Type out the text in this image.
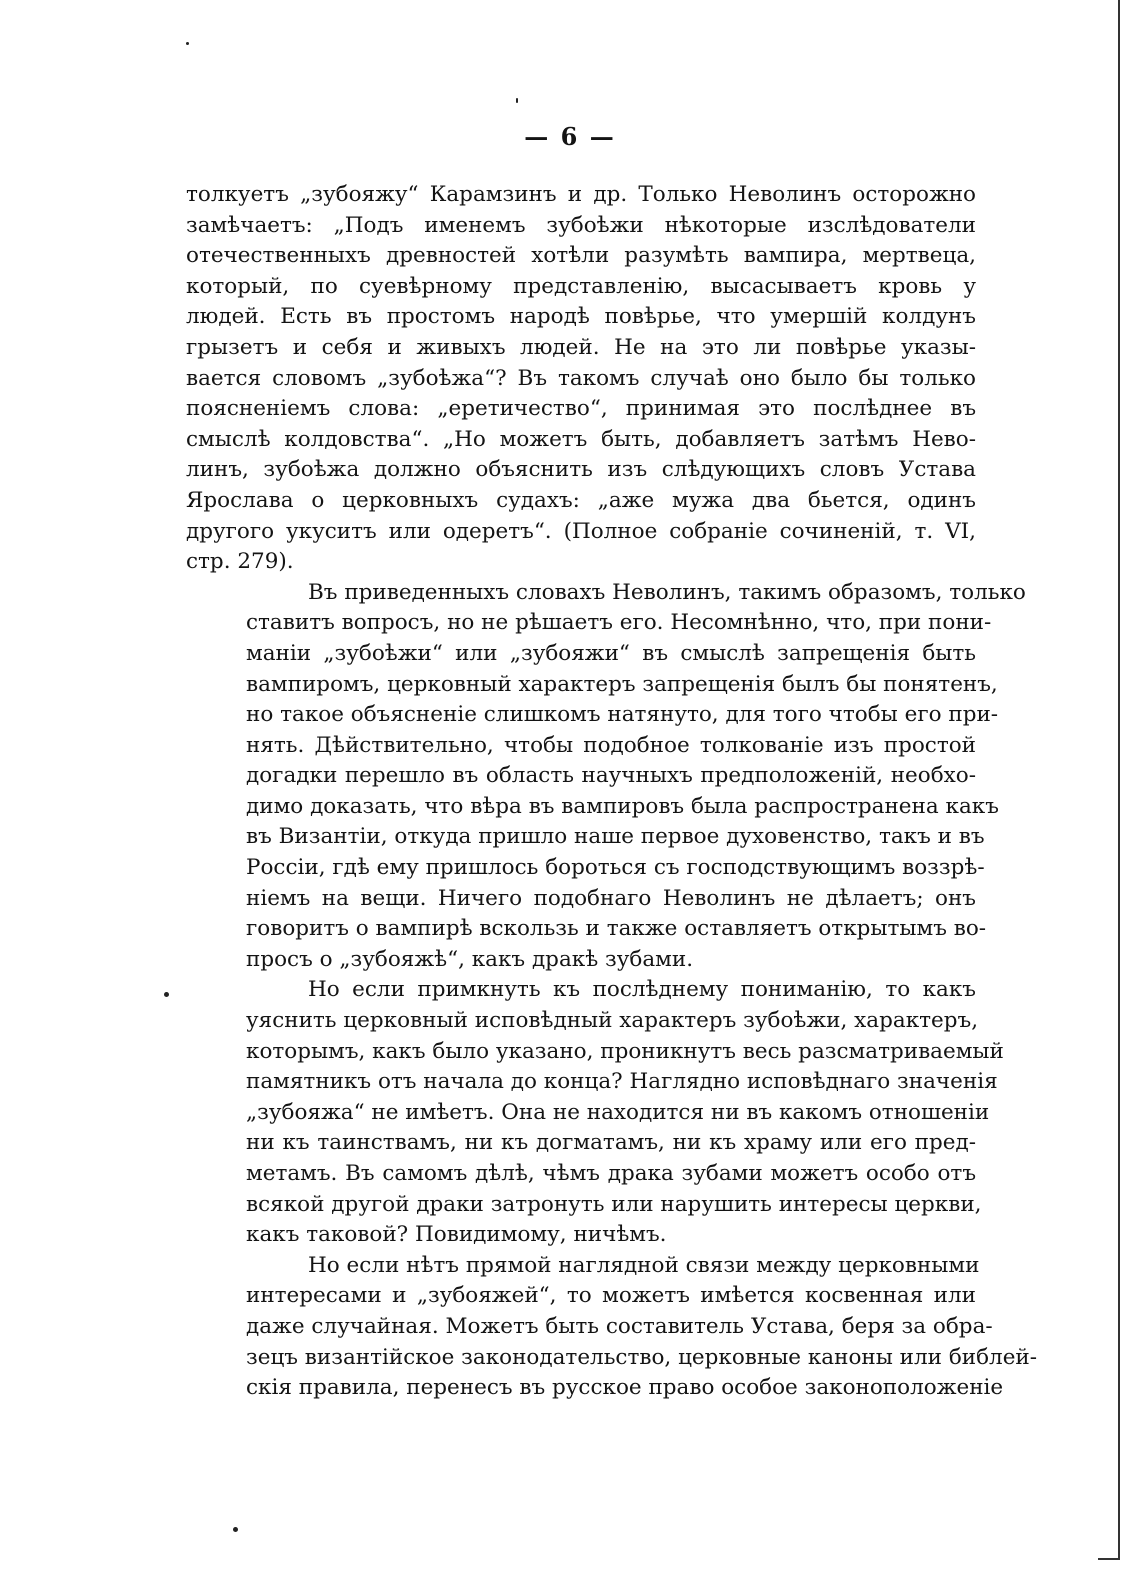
— 6 —

толкуетъ „зубояжу“ Карамзинъ и др. Только Неволинъ осторожно
замѣчаетъ: „Подъ именемъ зубоѣжи нѣкоторые изслѣдователи
отечественныхъ древностей хотѣли разумѣть вампира, мертвеца,
который, по суевѣрному представленію, высасываетъ кровь у
людей. Есть въ простомъ народѣ повѣрье, что умершій колдунъ
грызетъ и себя и живыхъ людей. Не на это ли повѣрье указы-
вается словомъ „зубоѣжа“? Въ такомъ случаѣ оно было бы только
поясненіемъ слова: „еретичество“, принимая это послѣднее въ
смыслѣ колдовства“. „Но можетъ быть, добавляетъ затѣмъ Нево-
линъ, зубоѣжа должно объяснить изъ слѣдующихъ словъ Устава
Ярослава о церковныхъ судахъ: „аже мужа два бьется, одинъ
другого укуситъ или одеретъ“. (Полное собраніе сочиненій, т. VI,
стр. 279).

Въ приведенныхъ словахъ Неволинъ, такимъ образомъ, только
ставитъ вопросъ, но не рѣшаетъ его. Несомнѣнно, что, при пони-
маніи „зубоѣжи“ или „зубояжи“ въ смыслѣ запрещенія быть
вампиромъ, церковный характеръ запрещенія былъ бы понятенъ,
но такое объясненіе слишкомъ натянуто, для того чтобы его при-
нять. Дѣйствительно, чтобы подобное толкованіе изъ простой
догадки перешло въ область научныхъ предположеній, необхо-
димо доказать, что вѣра въ вампировъ была распространена какъ
въ Византіи, откуда пришло наше первое духовенство, такъ и въ
Россіи, гдѣ ему пришлось бороться съ господствующимъ воззрѣ-
ніемъ на вещи. Ничего подобнаго Неволинъ не дѣлаетъ; онъ
говоритъ о вампирѣ вскользь и также оставляетъ открытымъ во-
просъ о „зубояжѣ“, какъ дракѣ зубами.

Но если примкнуть къ послѣднему пониманію, то какъ
уяснить церковный исповѣдный характеръ зубоѣжи, характеръ,
которымъ, какъ было указано, проникнутъ весь разсматриваемый
памятникъ отъ начала до конца? Наглядно исповѣднаго значенія
„зубояжа“ не имѣетъ. Она не находится ни въ какомъ отношеніи
ни къ таинствамъ, ни къ догматамъ, ни къ храму или его пред-
метамъ. Въ самомъ дѣлѣ, чѣмъ драка зубами можетъ особо отъ
всякой другой драки затронуть или нарушить интересы церкви,
какъ таковой? Повидимому, ничѣмъ.

Но если нѣтъ прямой наглядной связи между церковными
интересами и „зубояжей“, то можетъ имѣется косвенная или
даже случайная. Можетъ быть составитель Устава, беря за обра-
зецъ византійское законодательство, церковные каноны или библей-
скія правила, перенесъ въ русское право особое законоположеніе
